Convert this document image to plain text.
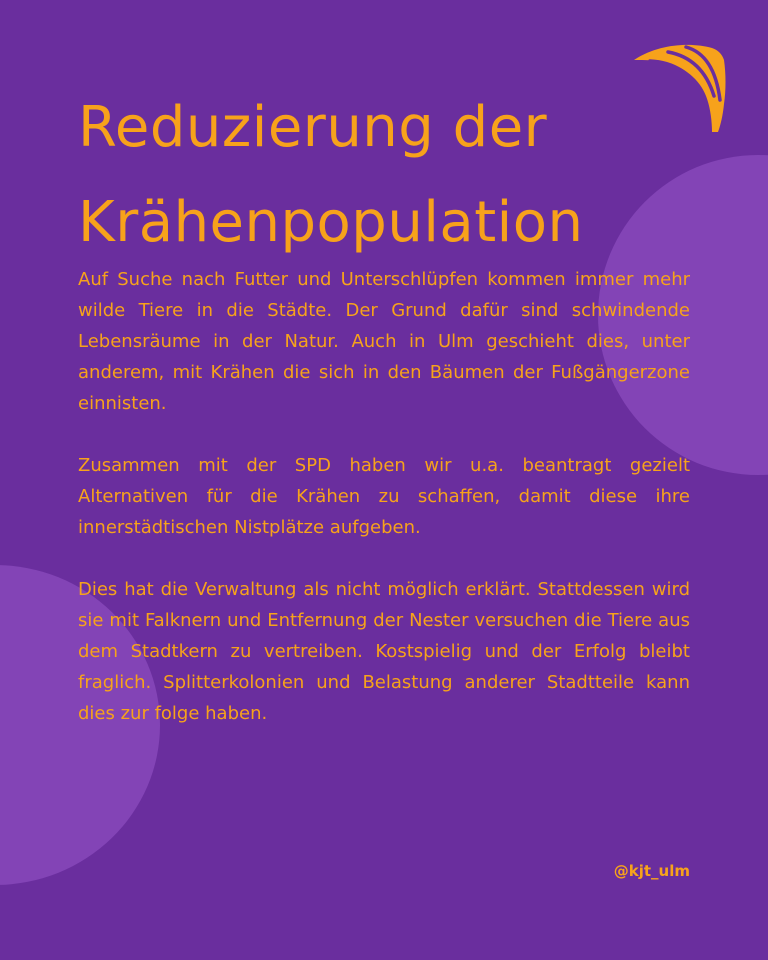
Reduzierung der
Krähenpopulation

Auf Suche nach Futter und Unterschlüpfen kommen immer mehr wilde Tiere in die Städte. Der Grund dafür sind schwindende Lebensräume in der Natur. Auch in Ulm geschieht dies, unter anderem, mit Krähen die sich in den Bäumen der Fußgängerzone einnisten.

Zusammen mit der SPD haben wir u.a. beantragt gezielt Alternativen für die Krähen zu schaffen, damit diese ihre innerstädtischen Nistplätze aufgeben.

Dies hat die Verwaltung als nicht möglich erklärt. Stattdessen wird sie mit Falknern und Entfernung der Nester versuchen die Tiere aus dem Stadtkern zu vertreiben. Kostspielig und der Erfolg bleibt fraglich. Splitterkolonien und Belastung anderer Stadtteile kann dies zur folge haben.

@kjt_ulm
